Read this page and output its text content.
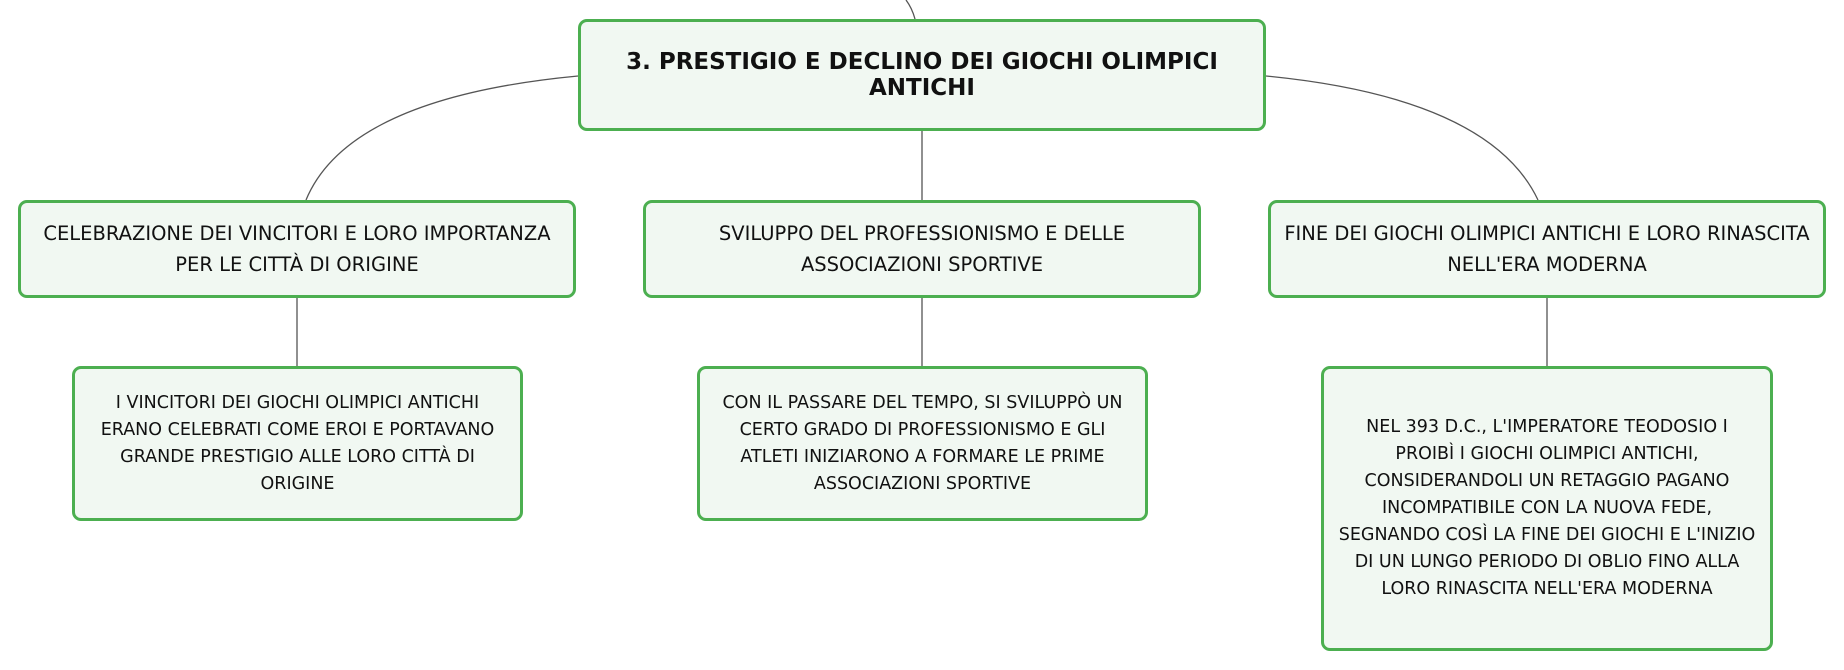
3. PRESTIGIO E DECLINO DEI GIOCHI OLIMPICI ANTICHI
CELEBRAZIONE DEI VINCITORI E LORO IMPORTANZA PER LE CITTÀ DI ORIGINE
SVILUPPO DEL PROFESSIONISMO E DELLE ASSOCIAZIONI SPORTIVE
FINE DEI GIOCHI OLIMPICI ANTICHI E LORO RINASCITA NELL'ERA MODERNA
I VINCITORI DEI GIOCHI OLIMPICI ANTICHI ERANO CELEBRATI COME EROI E PORTAVANO GRANDE PRESTIGIO ALLE LORO CITTÀ DI ORIGINE
CON IL PASSARE DEL TEMPO, SI SVILUPPÒ UN CERTO GRADO DI PROFESSIONISMO E GLI ATLETI INIZIARONO A FORMARE LE PRIME ASSOCIAZIONI SPORTIVE
NEL 393 D.C., L'IMPERATORE TEODOSIO I PROIBÌ I GIOCHI OLIMPICI ANTICHI, CONSIDERANDOLI UN RETAGGIO PAGANO INCOMPATIBILE CON LA NUOVA FEDE, SEGNANDO COSÌ LA FINE DEI GIOCHI E L'INIZIO DI UN LUNGO PERIODO DI OBLIO FINO ALLA LORO RINASCITA NELL'ERA MODERNA
